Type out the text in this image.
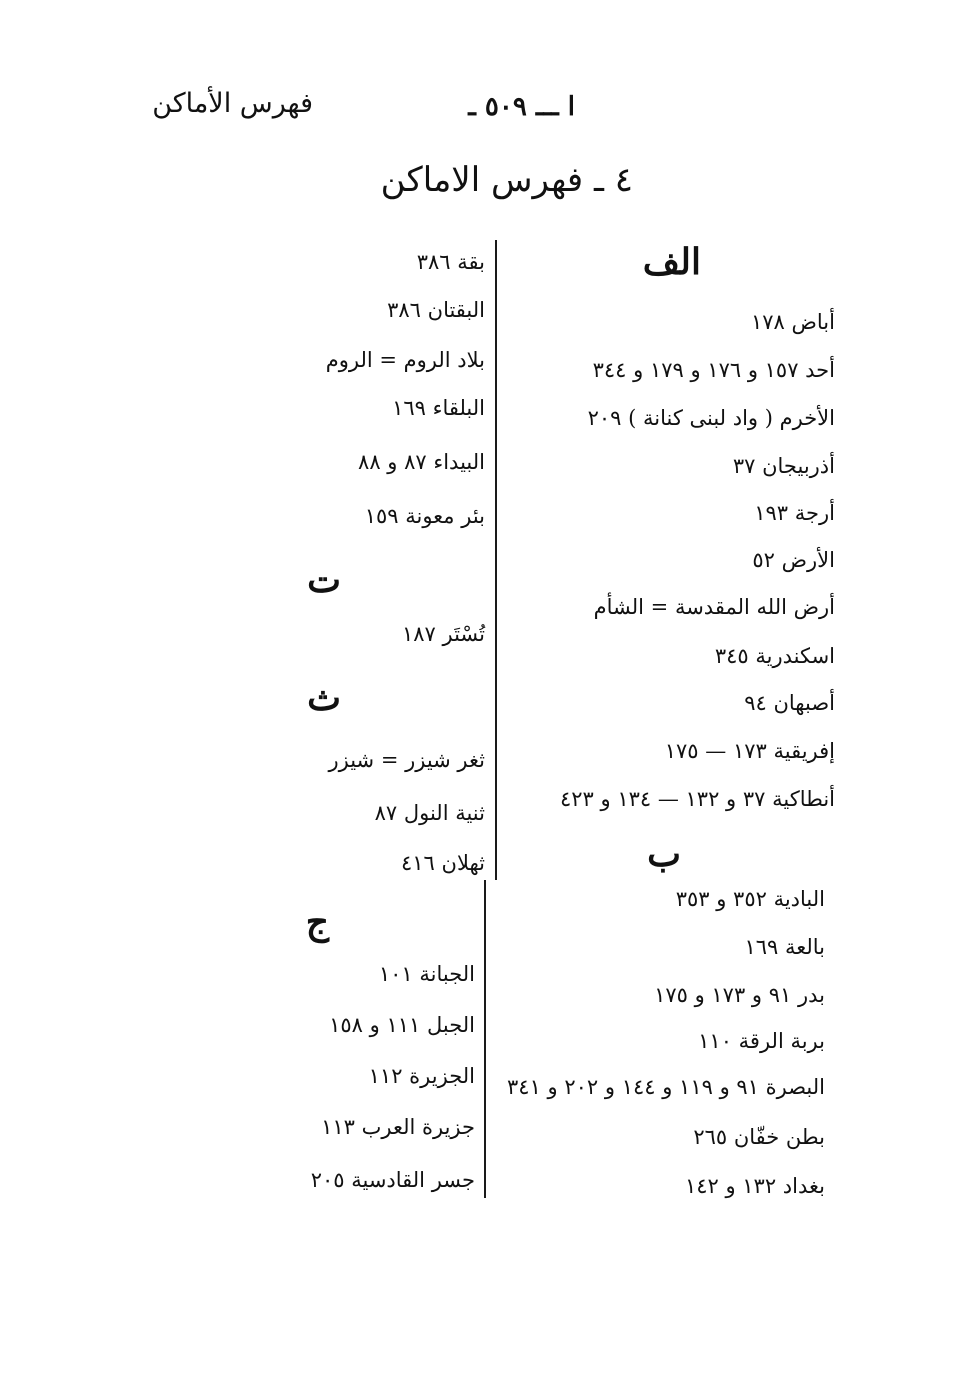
فهرس الأماكن	ا ـــ ٥٠٩ ـ
٤ ـ فهرس الاماكن
الف
أباض ١٧٨
أحد ١٥٧ و ١٧٦ و ١٧٩ و ٣٤٤
الأخرم ( واد لبنى كنانة ) ٢٠٩
أذربيجان ٣٧
أرجة ١٩٣
الأرض ٥٢
أرض الله المقدسة = الشأم
اسكندرية ٣٤٥
أصبهان ٩٤
إفريقية ١٧٣ — ١٧٥
أنطاكية ٣٧ و ١٣٢ — ١٣٤ و ٤٢٣
ب
البادية ٣٥٢ و ٣٥٣
بالعة ١٦٩
بدر ٩١ و ١٧٣ و ١٧٥
بربة الرقة ١١٠
البصرة ٩١ و ١١٩ و ١٤٤ و ٢٠٢ و ٣٤١
بطن خفّان ٢٦٥
بغداد ١٣٢ و ١٤٢
بقة ٣٨٦
البقتان ٣٨٦
بلاد الروم = الروم
البلقاء ١٦٩
البيداء ٨٧ و ٨٨
بئر معونة ١٥٩
ت
تُسْتَر ١٨٧
ث
ثغر شيزر = شيزر
ثنية النول ٨٧
ثهلان ٤١٦
ج
الجبانة ١٠١
الجبل ١١١ و ١٥٨
الجزيرة ١١٢
جزيرة العرب ١١٣
جسر القادسية ٢٠٥
